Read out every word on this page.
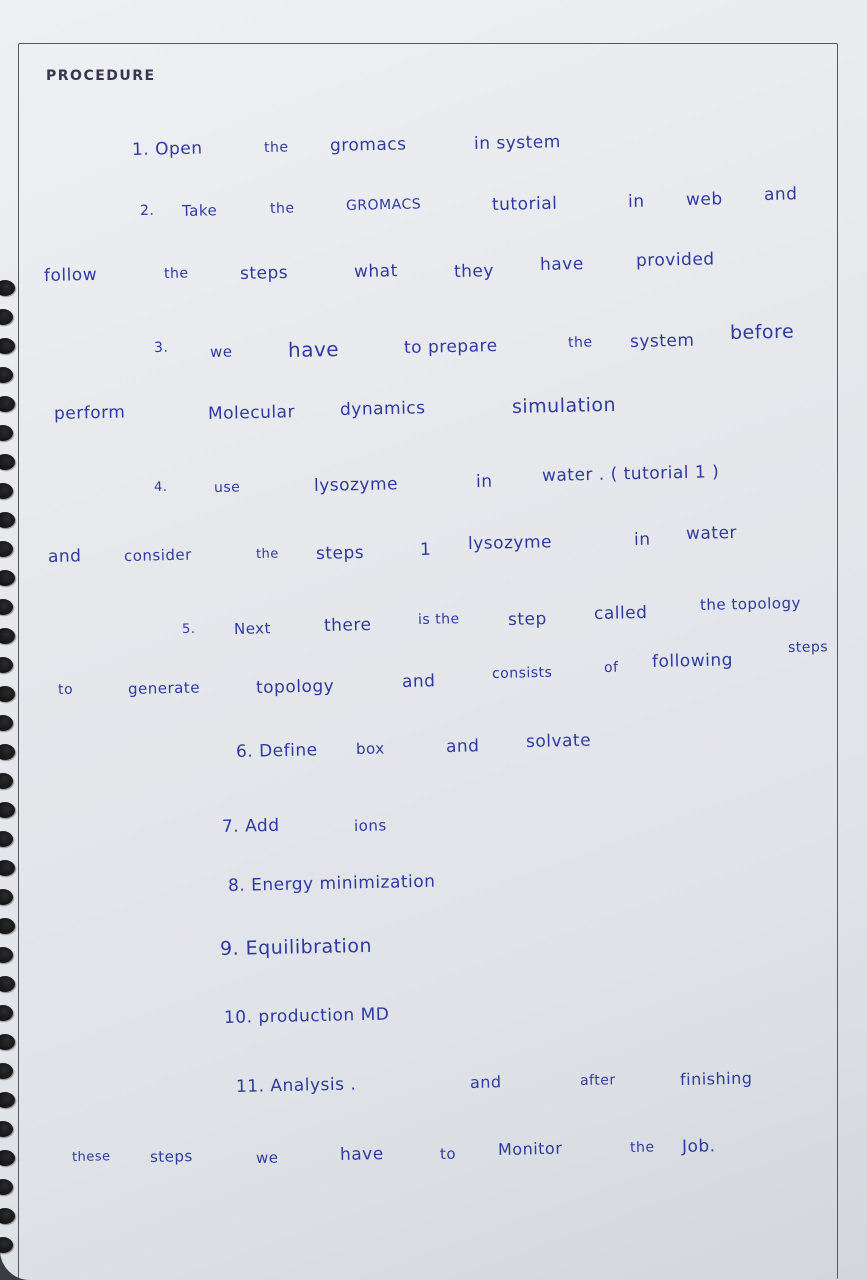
PROCEDURE
1. Open	the gromacs	in system
2. Take	the	GROMACS	tutorial	in web and
follow	the	steps	what	they	have	provided
3.	we	have	to prepare	the system before
perform	Molecular	dynamics	simulation
4.	use	lysozyme	in	water . ( tutorial 1 )
and	consider	the steps	1 lysozyme	in water
5.	Next	there	is the	step	called	the topology
to	generate	topology	and	consists	of following
steps
6. Define	box	and	solvate
7. Add	ions
8. Energy minimization
9. Equilibration
10. production MD
11. Analysis .	and	after	finishing
these	steps	we	have	to	Monitor	the Job.
